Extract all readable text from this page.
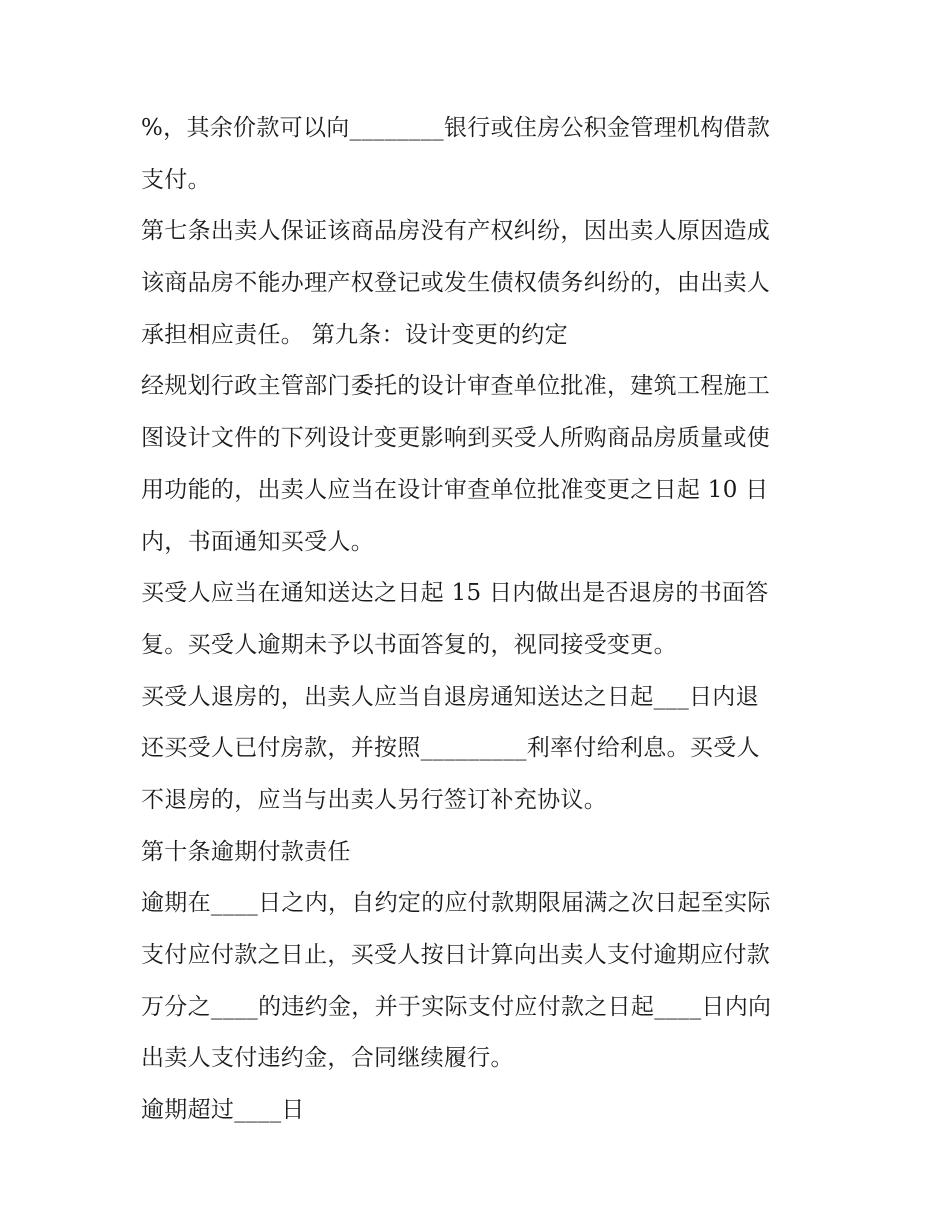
%，其余价款可以向________银行或住房公积金管理机构借款
支付。
第七条出卖人保证该商品房没有产权纠纷，因出卖人原因造成
该商品房不能办理产权登记或发生债权债务纠纷的，由出卖人
承担相应责任。 第九条：设计变更的约定
经规划行政主管部门委托的设计审查单位批准，建筑工程施工
图设计文件的下列设计变更影响到买受人所购商品房质量或使
用功能的，出卖人应当在设计审查单位批准变更之日起 10 日
内，书面通知买受人。
买受人应当在通知送达之日起 15 日内做出是否退房的书面答
复。买受人逾期未予以书面答复的，视同接受变更。
买受人退房的，出卖人应当自退房通知送达之日起___日内退
还买受人已付房款，并按照_________利率付给利息。买受人
不退房的，应当与出卖人另行签订补充协议。
第十条逾期付款责任
逾期在____日之内，自约定的应付款期限届满之次日起至实际
支付应付款之日止，买受人按日计算向出卖人支付逾期应付款
万分之____的违约金，并于实际支付应付款之日起____日内向
出卖人支付违约金，合同继续履行。
逾期超过____日
